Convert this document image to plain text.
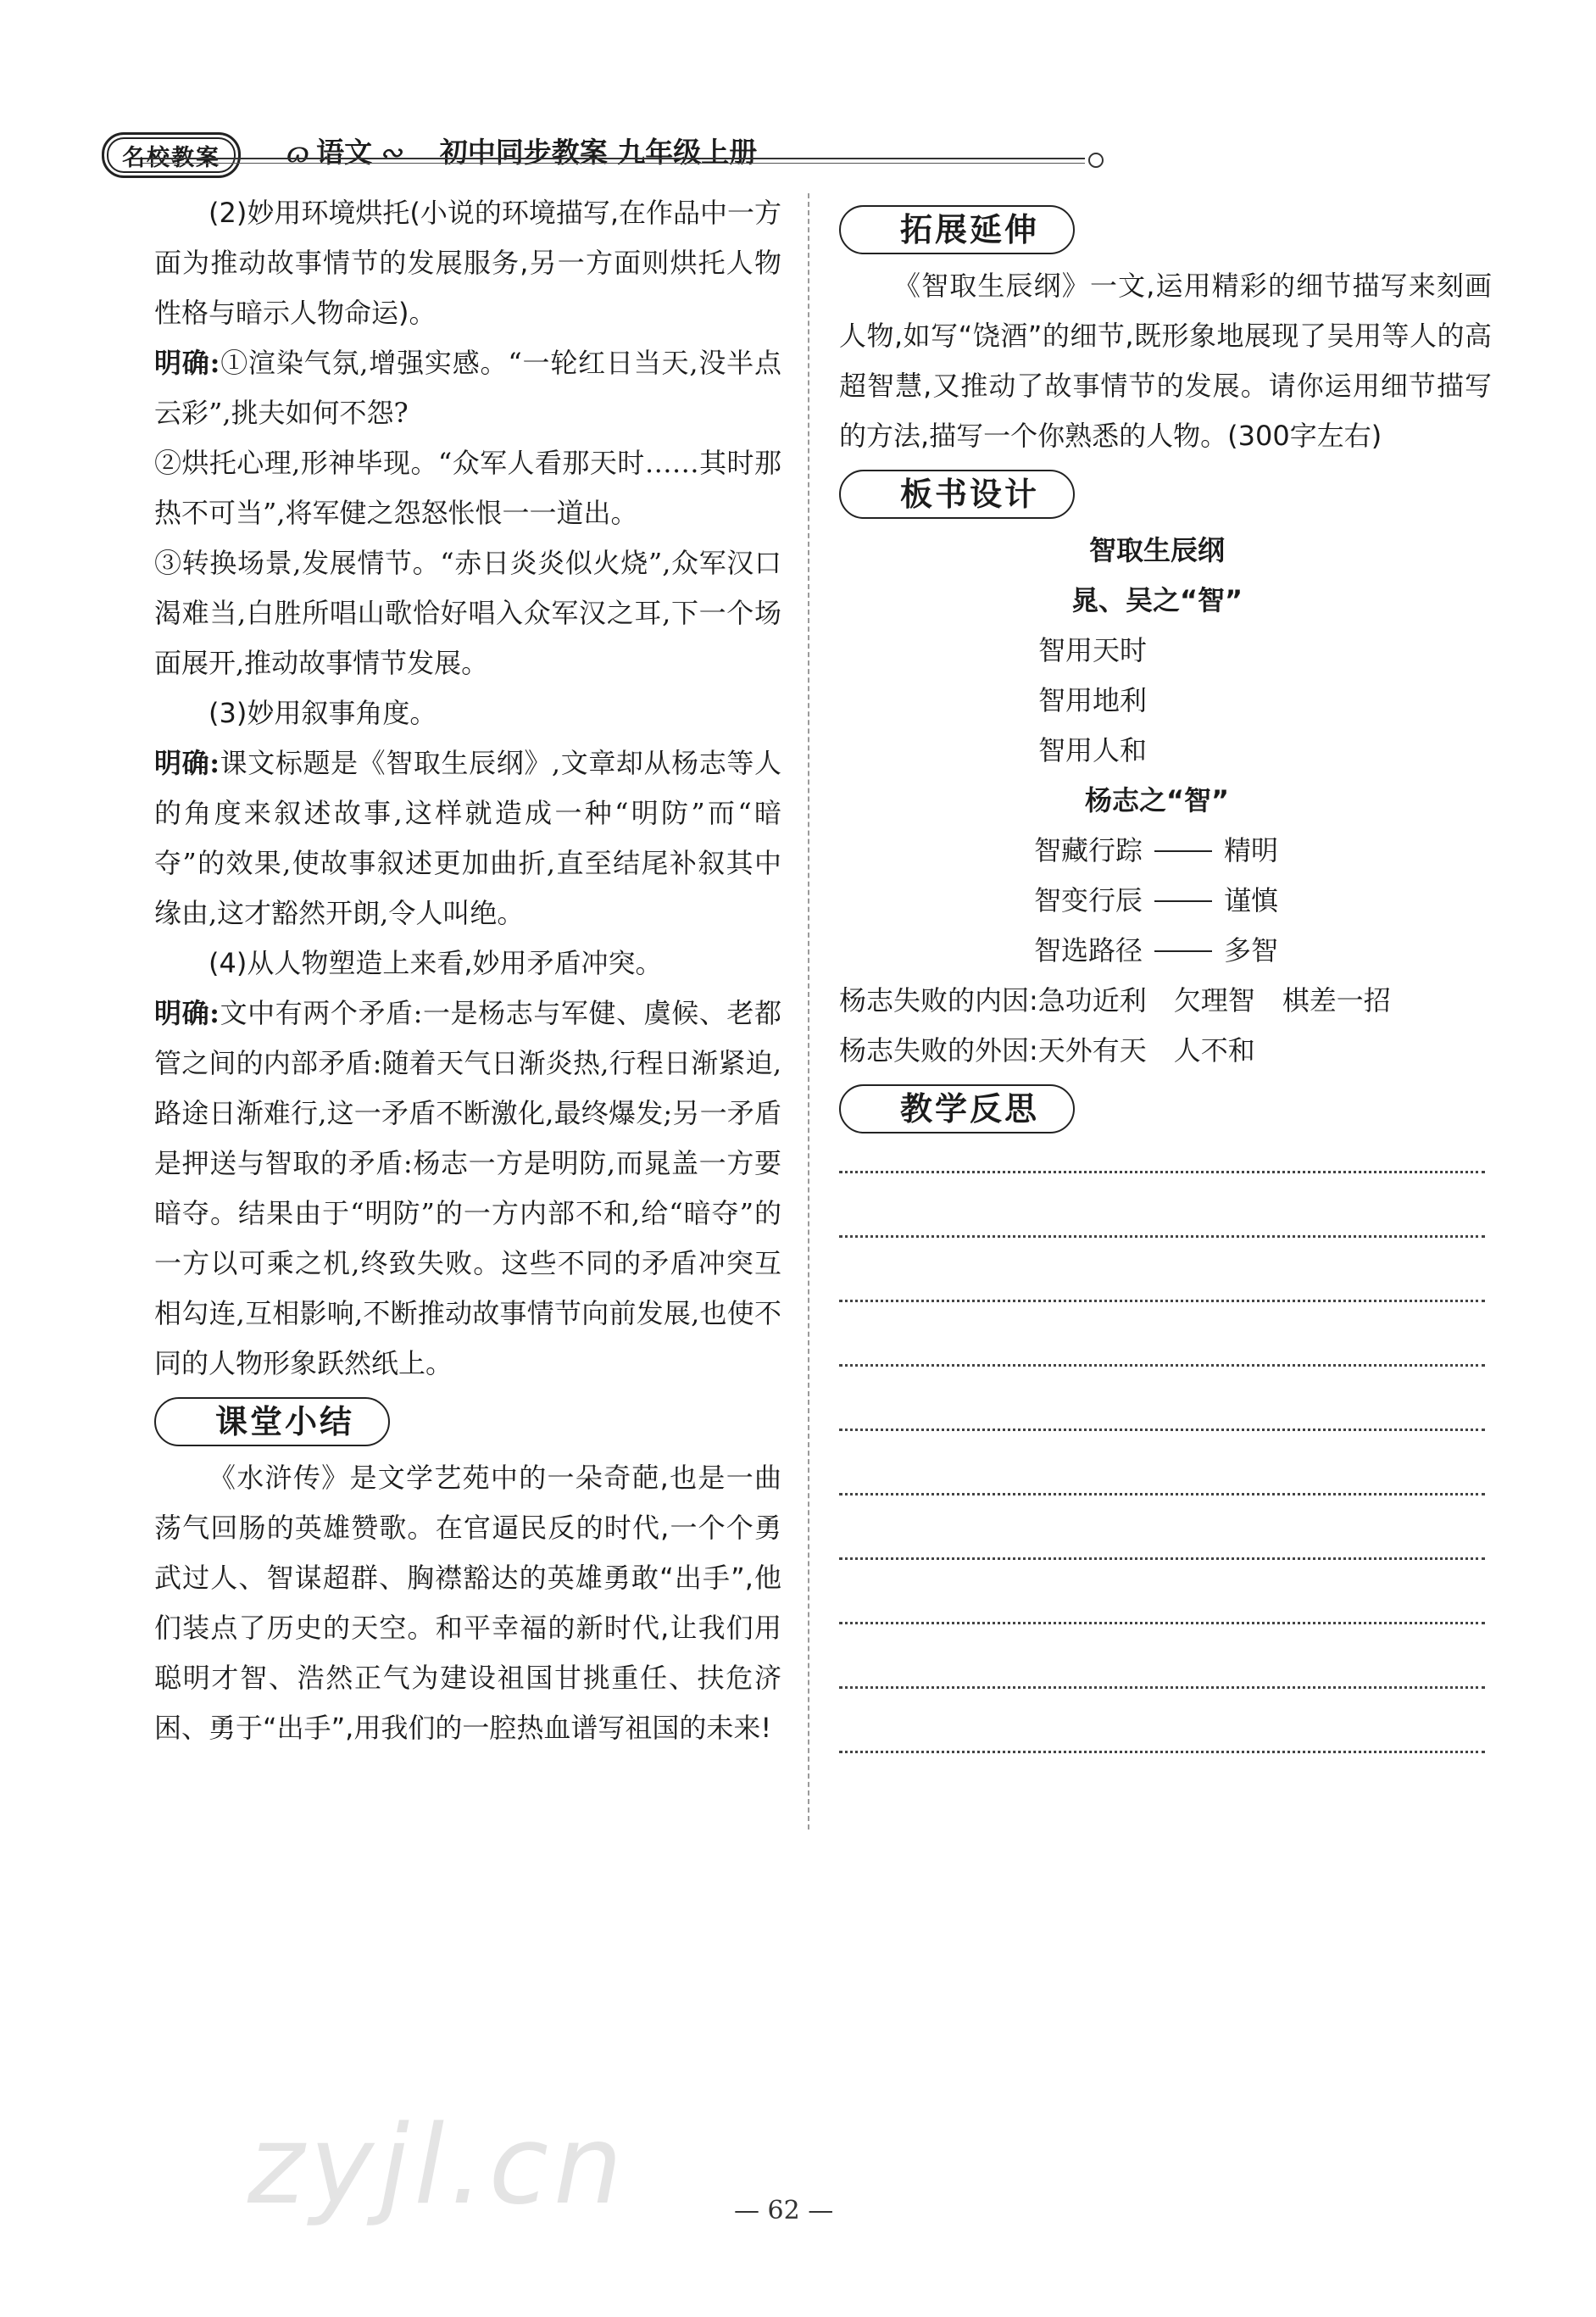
名校教案	ɷ 语文 ∾ 初中同步教案 九年级上册

(2)妙用环境烘托(小说的环境描写,在作品中一方面为推动故事情节的发展服务,另一方面则烘托人物性格与暗示人物命运)。

明确:①渲染气氛,增强实感。“一轮红日当天,没半点云彩”,挑夫如何不怨?

②烘托心理,形神毕现。“众军人看那天时……其时那热不可当”,将军健之怨怒怅恨一一道出。

③转换场景,发展情节。“赤日炎炎似火烧”,众军汉口渴难当,白胜所唱山歌恰好唱入众军汉之耳,下一个场面展开,推动故事情节发展。

(3)妙用叙事角度。

明确:课文标题是《智取生辰纲》,文章却从杨志等人的角度来叙述故事,这样就造成一种“明防”而“暗夺”的效果,使故事叙述更加曲折,直至结尾补叙其中缘由,这才豁然开朗,令人叫绝。

(4)从人物塑造上来看,妙用矛盾冲突。

明确:文中有两个矛盾:一是杨志与军健、虞候、老都管之间的内部矛盾:随着天气日渐炎热,行程日渐紧迫,路途日渐难行,这一矛盾不断激化,最终爆发;另一矛盾是押送与智取的矛盾:杨志一方是明防,而晁盖一方要暗夺。结果由于“明防”的一方内部不和,给“暗夺”的一方以可乘之机,终致失败。这些不同的矛盾冲突互相勾连,互相影响,不断推动故事情节向前发展,也使不同的人物形象跃然纸上。

课堂小结

《水浒传》是文学艺苑中的一朵奇葩,也是一曲荡气回肠的英雄赞歌。在官逼民反的时代,一个个勇武过人、智谋超群、胸襟豁达的英雄勇敢“出手”,他们装点了历史的天空。和平幸福的新时代,让我们用聪明才智、浩然正气为建设祖国甘挑重任、扶危济困、勇于“出手”,用我们的一腔热血谱写祖国的未来!

拓展延伸

《智取生辰纲》一文,运用精彩的细节描写来刻画人物,如写“饶酒”的细节,既形象地展现了吴用等人的高超智慧,又推动了故事情节的发展。请你运用细节描写的方法,描写一个你熟悉的人物。(300字左右)

板书设计
智取生辰纲
晁、吴之“智”
智用天时
智用地利
智用人和
杨志之“智”
智藏行踪	精明
智变行辰	谨慎
智选路径	多智
杨志失败的内因:急功近利　欠理智　棋差一招
杨志失败的外因:天外有天　人不和
教学反思
zyjl.cn	— 62 —
